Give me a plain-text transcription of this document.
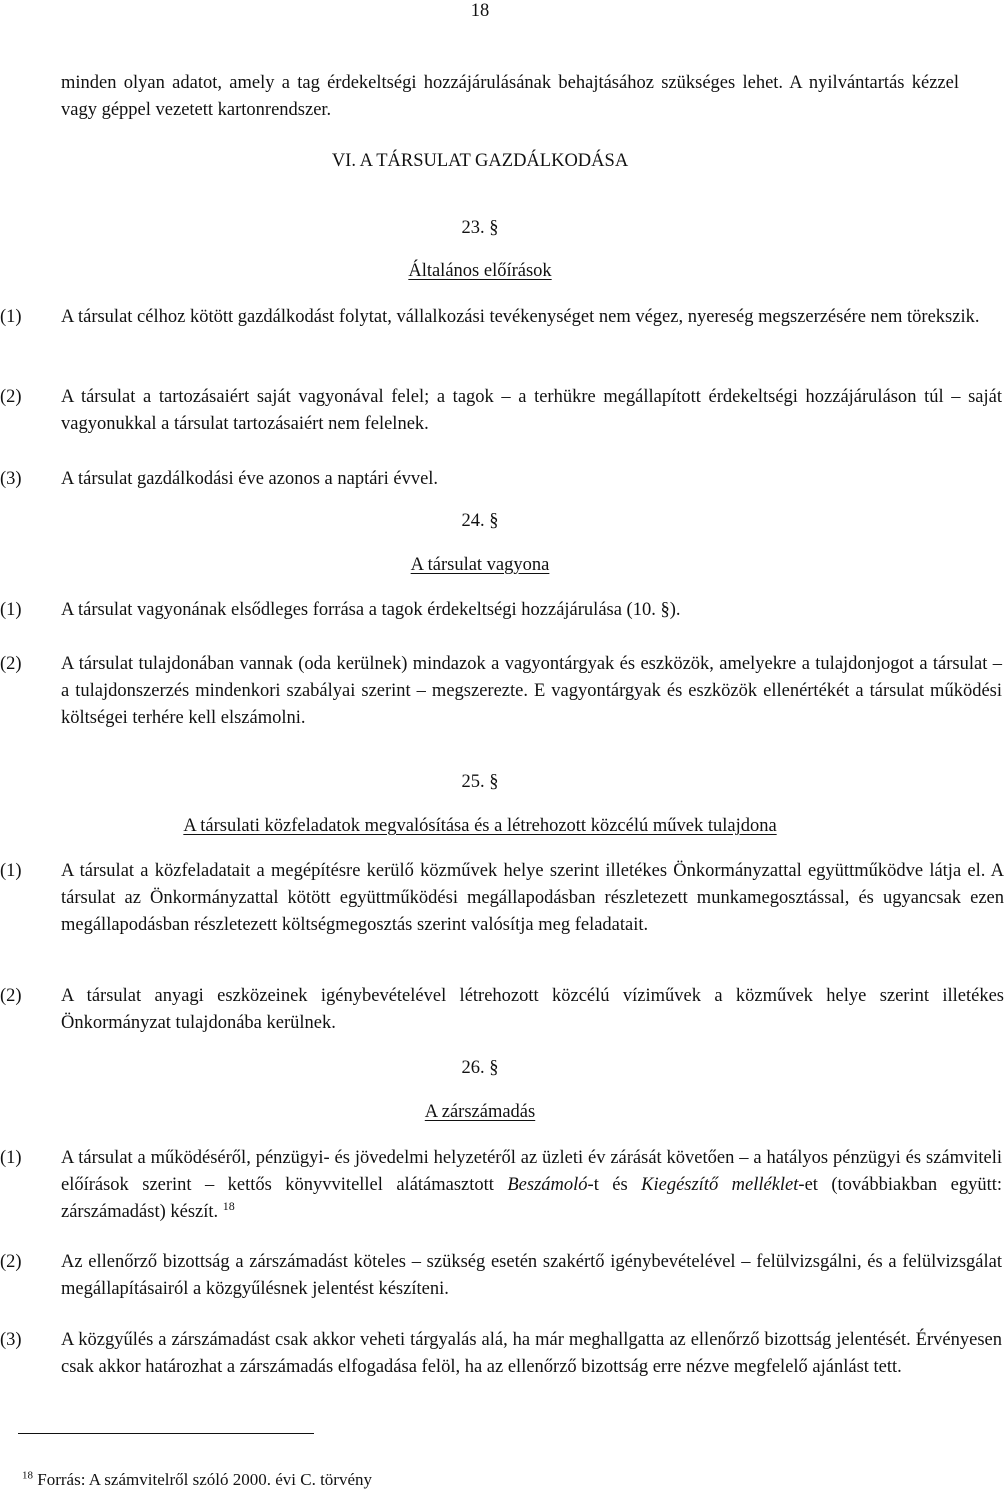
18
minden olyan adatot, amely a tag érdekeltségi hozzájárulásának behajtásához szükséges lehet. A nyilvántartás kézzel vagy géppel vezetett kartonrendszer.
VI. A TÁRSULAT GAZDÁLKODÁSA
23. §
Általános előírások
(1) A társulat célhoz kötött gazdálkodást folytat, vállalkozási tevékenységet nem végez, nyereség megszerzésére nem törekszik.
(2) A társulat a tartozásaiért saját vagyonával felel; a tagok – a terhükre megállapított érdekeltségi hozzájáruláson túl – saját vagyonukkal a társulat tartozásaiért nem felelnek.
(3) A társulat gazdálkodási éve azonos a naptári évvel.
24. §
A társulat vagyona
(1) A társulat vagyonának elsődleges forrása a tagok érdekeltségi hozzájárulása (10. §).
(2) A társulat tulajdonában vannak (oda kerülnek) mindazok a vagyontárgyak és eszközök, amelyekre a tulajdonjogot a társulat – a tulajdonszerzés mindenkori szabályai szerint – megszerezte. E vagyontárgyak és eszközök ellenértékét a társulat működési költségei terhére kell elszámolni.
25. §
A társulati közfeladatok megvalósítása és a létrehozott közcélú művek tulajdona
(1) A társulat a közfeladatait a megépítésre kerülő közművek helye szerint illetékes Önkormányzattal együttműködve látja el. A társulat az Önkormányzattal kötött együttműködési megállapodásban részletezett munkamegosztással, és ugyancsak ezen megállapodásban részletezett költségmegosztás szerint valósítja meg feladatait.
(2) A társulat anyagi eszközeinek igénybevételével létrehozott közcélú víziművek a közművek helye szerint illetékes Önkormányzat tulajdonába kerülnek.
26. §
A zárszámadás
(1) A társulat a működéséről, pénzügyi- és jövedelmi helyzetéről az üzleti év zárását követően – a hatályos pénzügyi és számviteli előírások szerint – kettős könyvvitellel alátámasztott Beszámoló-t és Kiegészítő melléklet-et (továbbiakban együtt: zárszámadást) készít. $^{18}$
(2) Az ellenőrző bizottság a zárszámadást köteles – szükség esetén szakértő igénybevételével – felülvizsgálni, és a felülvizsgálat megállapításairól a közgyűlésnek jelentést készíteni.
(3) A közgyűlés a zárszámadást csak akkor veheti tárgyalás alá, ha már meghallgatta az ellenőrző bizottság jelentését. Érvényesen csak akkor határozhat a zárszámadás elfogadása felöl, ha az ellenőrző bizottság erre nézve megfelelő ajánlást tett.
$^{18}$ Forrás: A számvitelről szóló 2000. évi C. törvény
